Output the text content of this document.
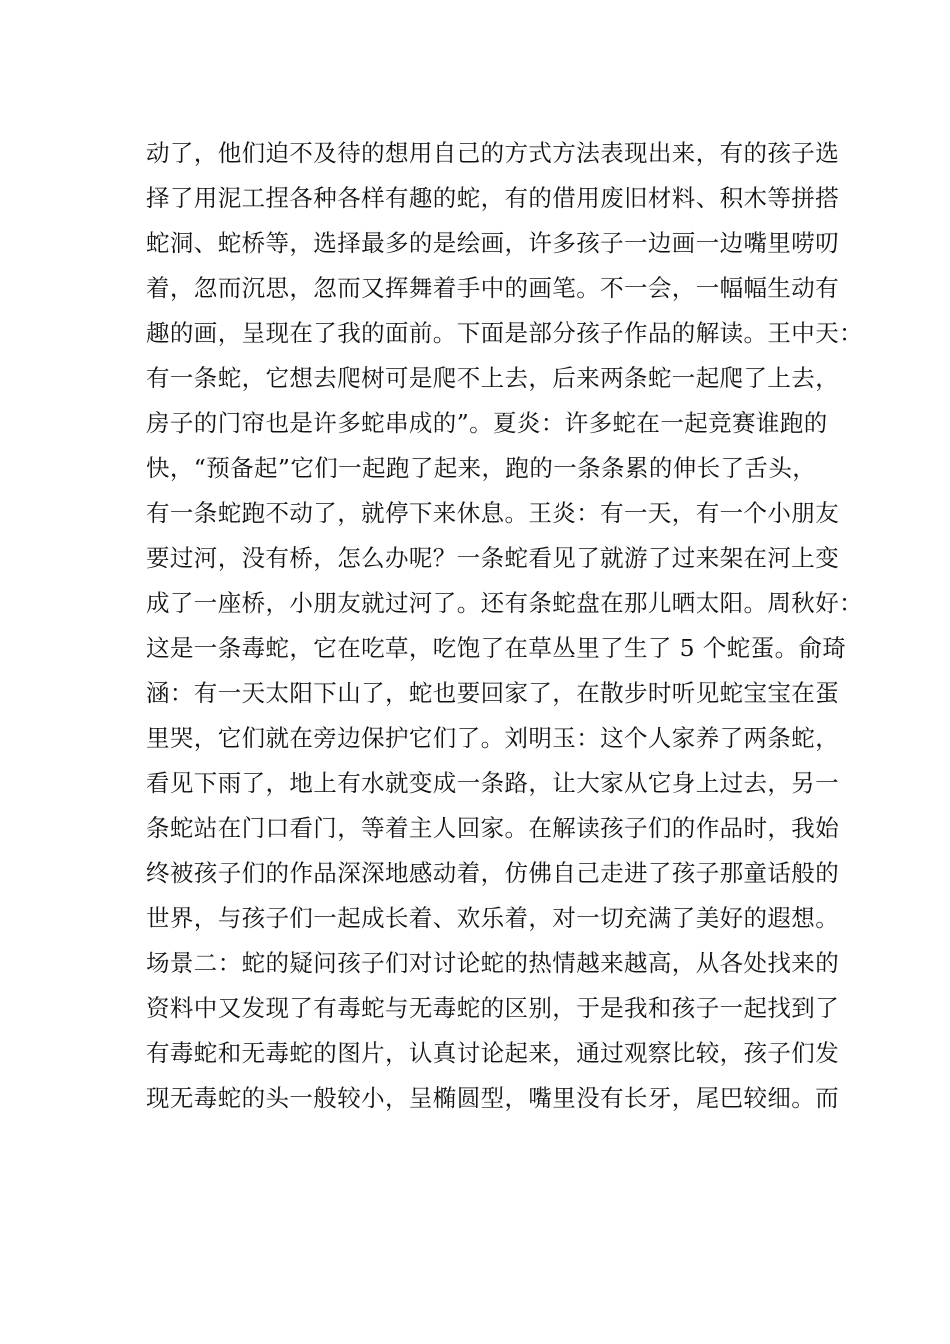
动了，他们迫不及待的想用自己的方式方法表现出来，有的孩子选
择了用泥工捏各种各样有趣的蛇，有的借用废旧材料、积木等拼搭
蛇洞、蛇桥等，选择最多的是绘画，许多孩子一边画一边嘴里唠叨
着，忽而沉思，忽而又挥舞着手中的画笔。不一会，一幅幅生动有
趣的画，呈现在了我的面前。下面是部分孩子作品的解读。王中天：
有一条蛇，它想去爬树可是爬不上去，后来两条蛇一起爬了上去，
房子的门帘也是许多蛇串成的”。夏炎：许多蛇在一起竞赛谁跑的
快，“预备起”它们一起跑了起来，跑的一条条累的伸长了舌头，
有一条蛇跑不动了，就停下来休息。王炎：有一天，有一个小朋友
要过河，没有桥，怎么办呢？一条蛇看见了就游了过来架在河上变
成了一座桥，小朋友就过河了。还有条蛇盘在那儿晒太阳。周秋好：
这是一条毒蛇，它在吃草，吃饱了在草丛里了生了 5 个蛇蛋。俞琦
涵：有一天太阳下山了，蛇也要回家了，在散步时听见蛇宝宝在蛋
里哭，它们就在旁边保护它们了。刘明玉：这个人家养了两条蛇，
看见下雨了，地上有水就变成一条路，让大家从它身上过去，另一
条蛇站在门口看门，等着主人回家。在解读孩子们的作品时，我始
终被孩子们的作品深深地感动着，仿佛自己走进了孩子那童话般的
世界，与孩子们一起成长着、欢乐着，对一切充满了美好的遐想。
场景二：蛇的疑问孩子们对讨论蛇的热情越来越高，从各处找来的
资料中又发现了有毒蛇与无毒蛇的区别，于是我和孩子一起找到了
有毒蛇和无毒蛇的图片，认真讨论起来，通过观察比较，孩子们发
现无毒蛇的头一般较小，呈椭圆型，嘴里没有长牙，尾巴较细。而
